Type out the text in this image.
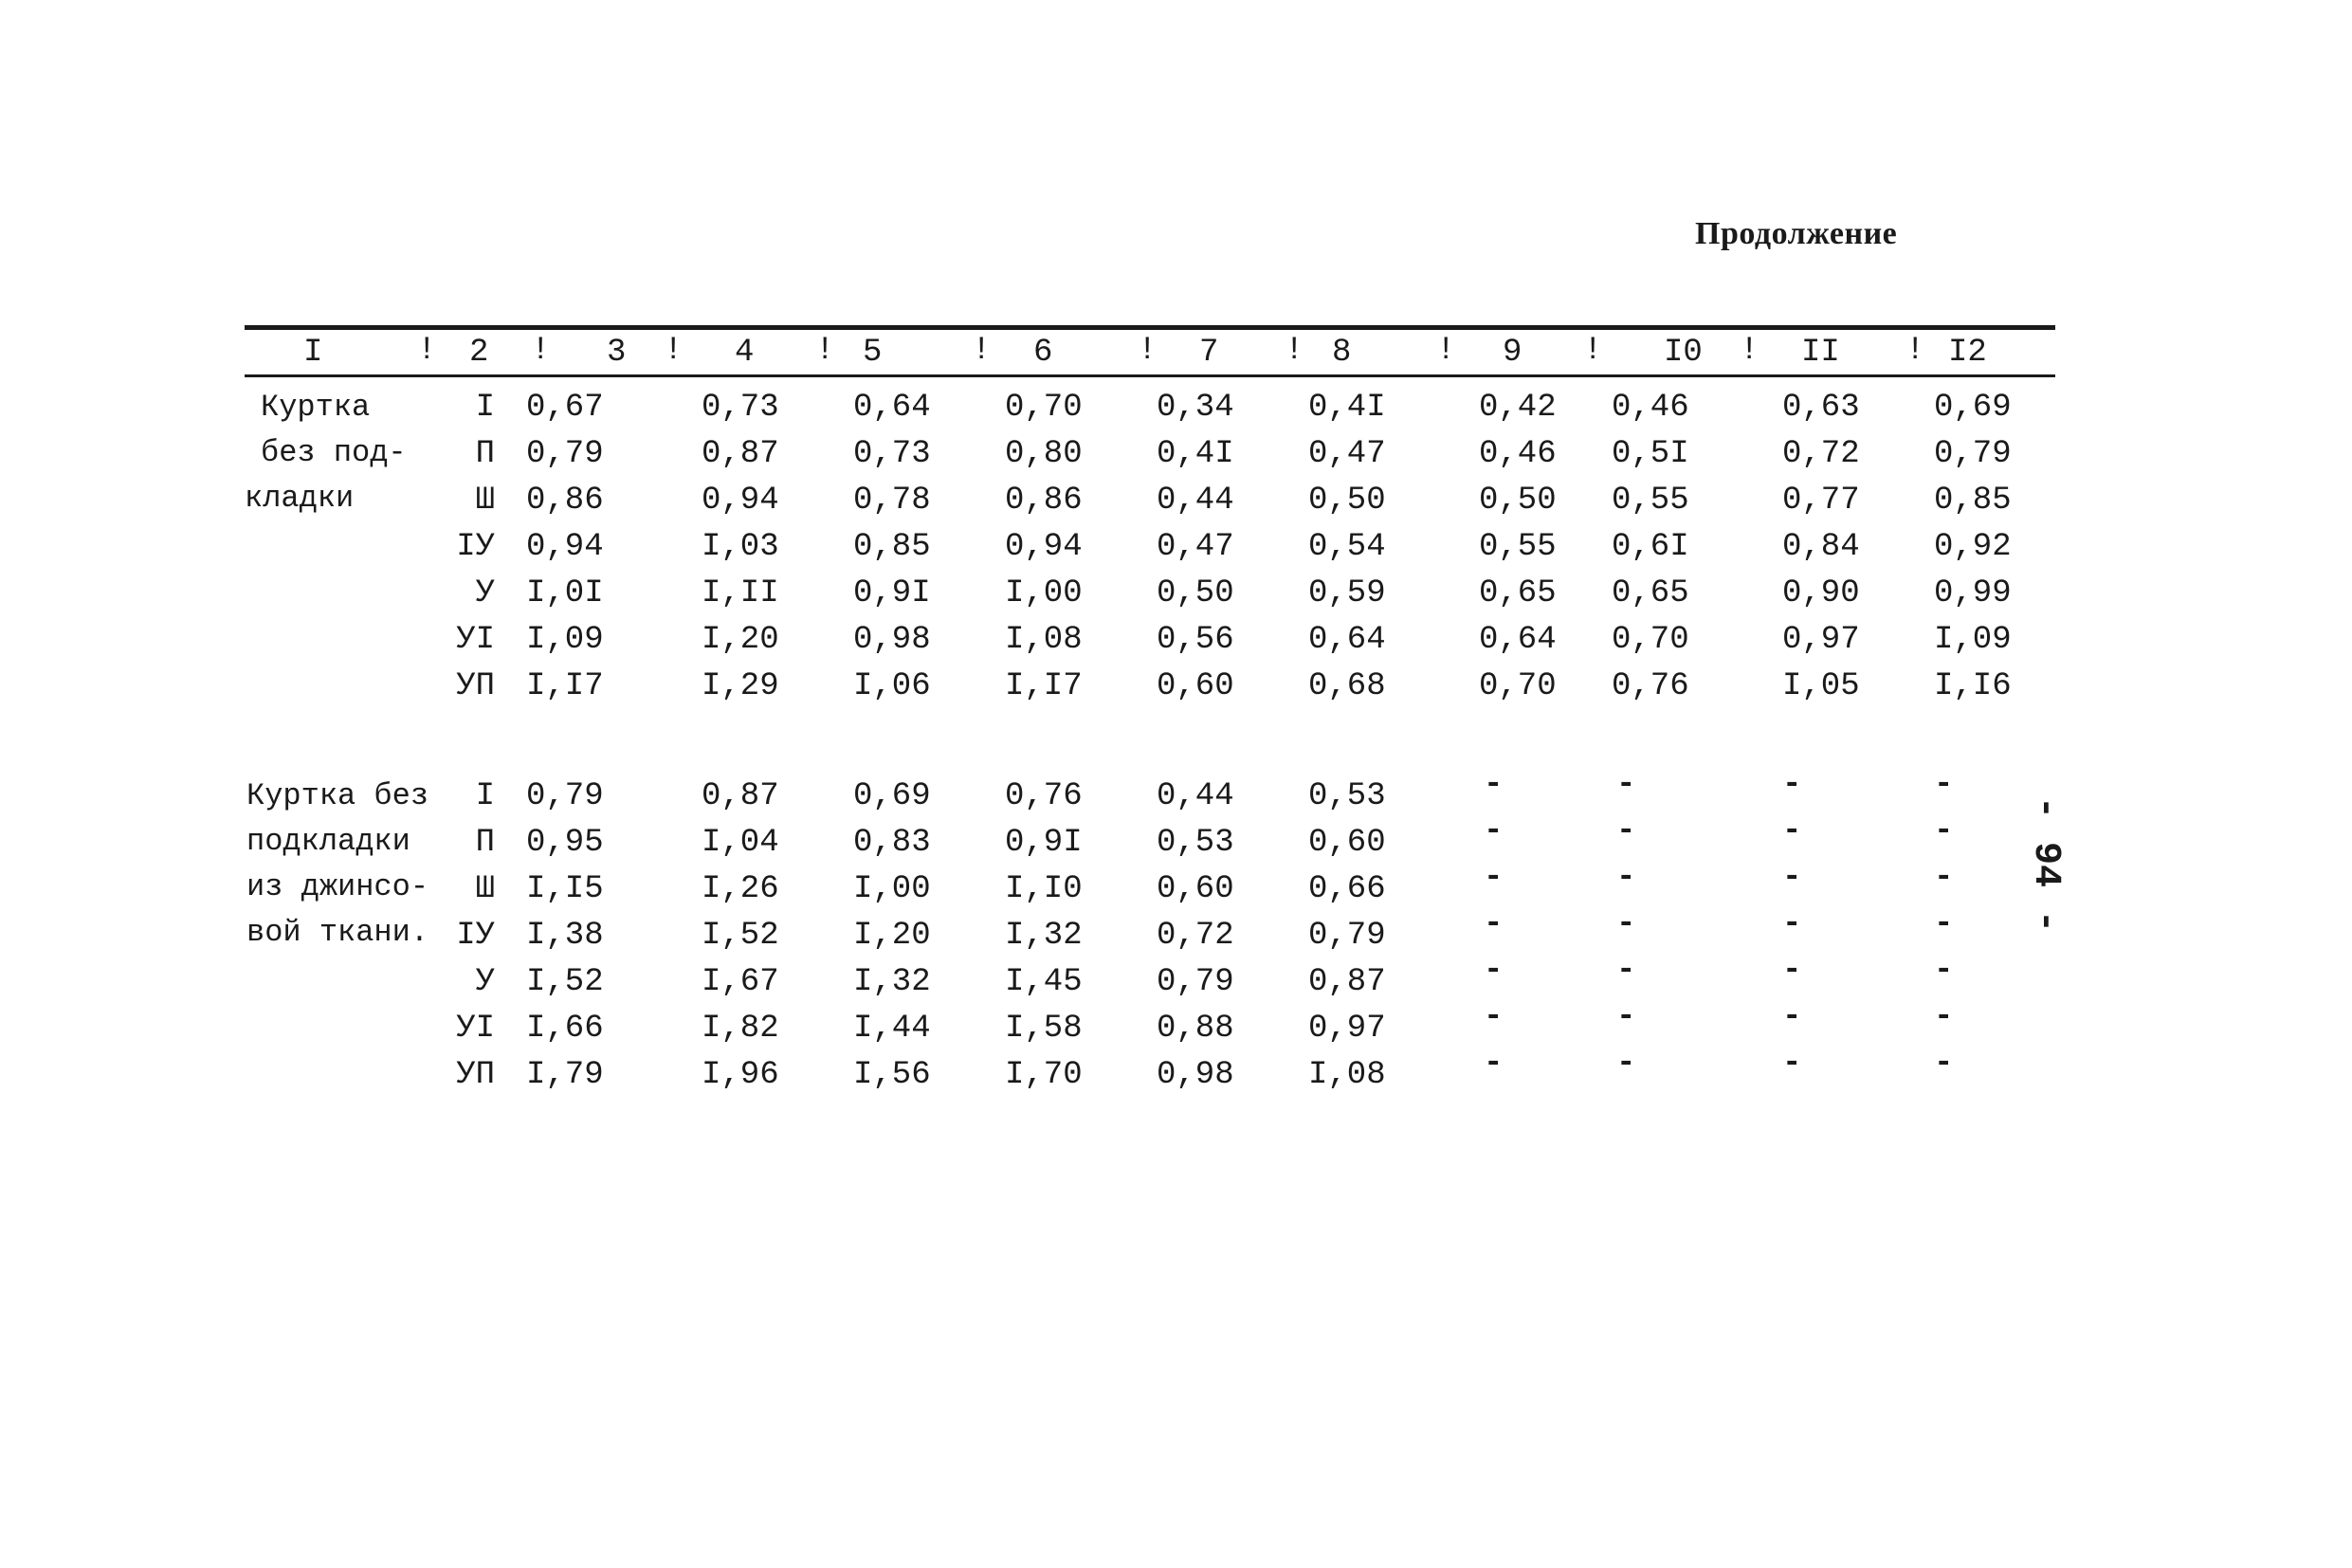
Продолжение
I	2	3	4	5	6	7	8	9	I0	II	I2
!	!	!	!	!	!	!	!	!	!	!
Куртка
без под-
кладки
I 0,67	0,73 0,64 0,70 0,34 0,4I	0,42 0,46	0,63 0,69
П 0,79	0,87 0,73 0,80 0,4I 0,47	0,46 0,5I	0,72 0,79
Ш 0,86	0,94 0,78 0,86 0,44 0,50	0,50 0,55	0,77 0,85
IУ 0,94	I,03 0,85 0,94 0,47 0,54	0,55 0,6I	0,84 0,92
У I,0I	I,II 0,9I I,00 0,50 0,59	0,65 0,65	0,90 0,99
УI I,09	I,20 0,98 I,08 0,56 0,64	0,64 0,70	0,97 I,09
УП I,I7	I,29 I,06 I,I7 0,60 0,68	0,70 0,76	I,05 I,I6
Куртка без
подкладки
из джинсо-
вой ткани.
I 0,79	0,87 0,69 0,76 0,44 0,53	-	-	-	-
П 0,95	I,04 0,83 0,9I 0,53 0,60	-	-	-	-
Ш I,I5	I,26 I,00 I,I0 0,60 0,66	-	-	-	-
IУ I,38	I,52 I,20 I,32 0,72 0,79	-	-	-	-
У I,52	I,67 I,32 I,45 0,79 0,87	-	-	-	-
УI I,66	I,82 I,44 I,58 0,88 0,97	-	-	-	-
УП I,79	I,96 I,56 I,70 0,98 I,08	-	-	-	-
- 94 -
